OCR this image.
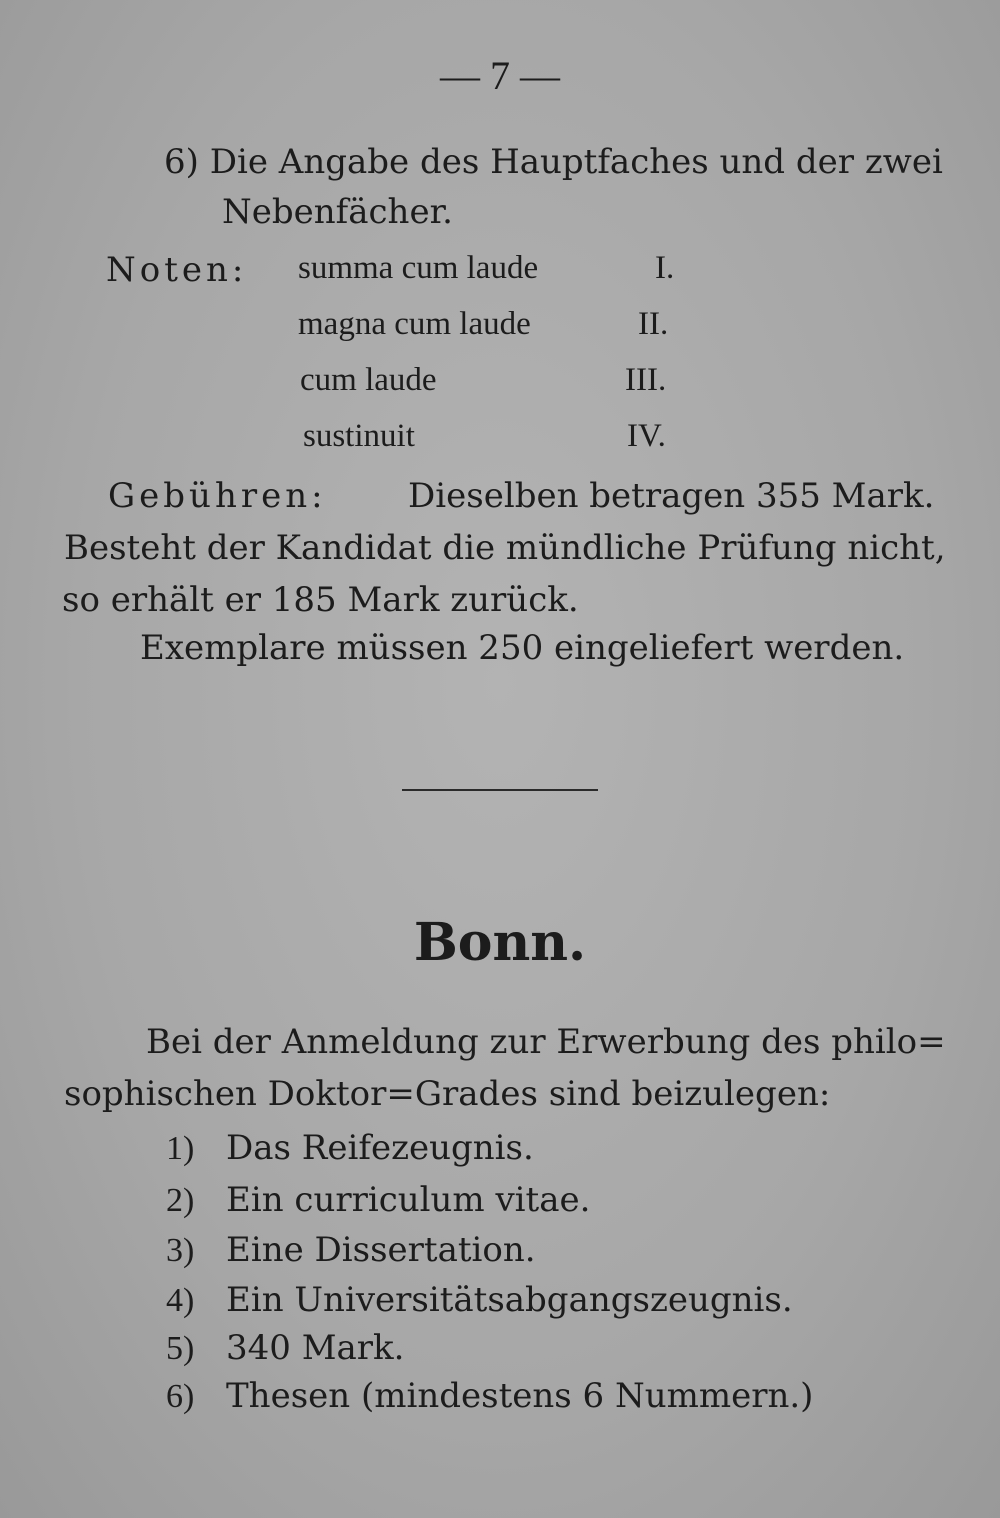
— 7 —
6) Die Angabe des Hauptfaches und der zwei
Nebenfächer.
Noten: summa cum laude	I.
magna cum laude	II.
cum laude	III.
sustinuit	IV.
Gebühren: Dieselben betragen 355 Mark.
Besteht der Kandidat die mündliche Prüfung nicht,
so erhält er 185 Mark zurück.
Exemplare müssen 250 eingeliefert werden.
Bonn.
Bei der Anmeldung zur Erwerbung des philo=
sophischen Doktor=Grades sind beizulegen:
1) Das Reifezeugnis.
2) Ein curriculum vitae.
3) Eine Dissertation.
4) Ein Universitätsabgangszeugnis.
5) 340 Mark.
6) Thesen (mindestens 6 Nummern.)
